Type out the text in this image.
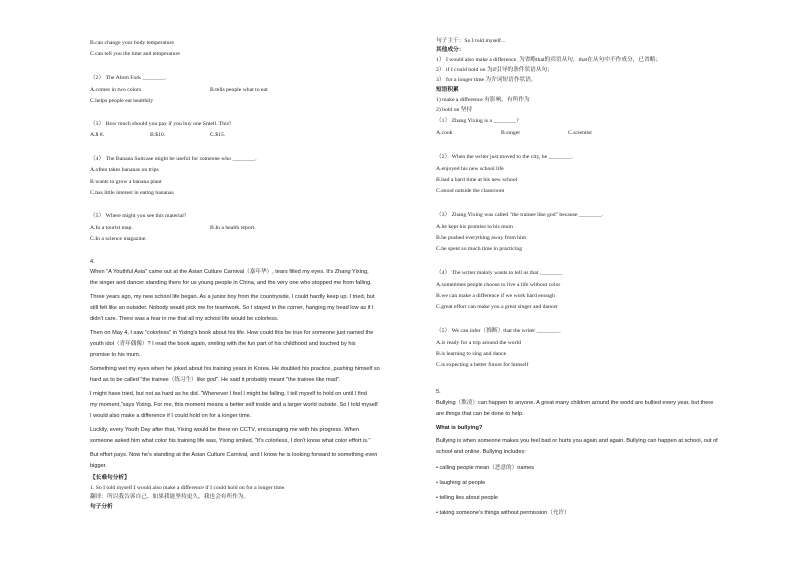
B.can change your body temperature
C.can tell you the time and temperature
（2） The Abrm Fork ________.
A.comes in two colors	B.tells people what to eat
C.helps people eat healthily
（3） How much should you pay if you buy one Smell. This?
A.$ 8.	B.$10.	C.$15.
（4） The Banana Suitcase might be useful for someone who ________.
A.often takes bananas on trips
B.wants to grow a banana plant
C.has little interest in eating bananas
（5） Where might you see this material?
A.In a tourist map.	B.In a health report.
C.In a science magazine.
4.
When "A Youthful Asia" came out at the Asian Culture Carnival（嘉年华）, tears filled my eyes. It's Zhang Yixing,
the singer and dancer standing there for us young people in China, and the very one who stopped me from falling.
Three years ago, my new school life began. As a junior boy from the countryside, I could hardly keep up. I tried, but
still felt like an outsider. Nobody would pick me for teamwork. So I stayed in the corner, hanging my head low as if I
didn't care. There was a fear in me that all my school life would be colorless.
Then on May 4, I saw "colorless" in Yixing's book about his life. How could this be true for someone just named the
youth idol（青年偶像）? I read the book again, smiling with the fun part of his childhood and touched by his
promise to his mum.
Something wet my eyes when he joked about his training years in Korea. He doubled his practice, pushing himself so
hard as to be called "the trainee（练习生）like god". He said it probably meant "the trainee like mad".
I might have tried, but not as hard as he did. "Whenever I feel I might be falling, I tell myself to hold on until I find
my moment,"says Yixing. For me, this moment means a better self inside and a larger world outside. So I told myself
I would also make a difference if I could hold on for a longer time.
Luckily, every Youth Day after that, Yixing would be there on CCTV, encouraging me with his progress. When
someone asked him what color his training life was, Yixing smiled, "It's colorless, I don't know what color effort is."
But effort pays. Now he's standing at the Asian Culture Carnival, and I know he is looking forward to something even
bigger.
【长难句分析】
1. So I told myself I would also make a difference if I could hold on for a longer time.
翻译：所以我告诉自己，如果我能坚持更久，我也会有所作为。
句子分析
句子主干：So I told myself...
其他成分：
1） I would also make a difference. 为省略that的宾语从句，that在从句中不作成分，已省略；
2） if I could hold on 为if引导的条件状语从句；
3） for a longer time 为介词短语作状语。
短语积累
1) make a difference 有影响，有所作为
2) hold on 坚持
（1） Zhang Yixing is a ________?
A.cook	B.singer	C.scientist
（2） When the writer just moved to the city, he ________.
A.enjoyed his new school life
B.had a hard time at his new school
C.stood outside the classroom
（3） Zhang Yixing was called "the trainee like god" because ________.
A.he kept his promise to his mum
B.he pushed everything away from him
C.he spent so much time in practicing
（4） The writer mainly wants to tell us that ________
A.sometimes people choose to live a life without color
B.we can make a difference if we work hard enough
C.great effort can make you a great singer and dancer
（5） We can infer（推断）that the writer ________.
A.is ready for a trip around the world
B.is learning to sing and dance
C.is expecting a better future for himself
5.
Bullying（欺凌）can happen to anyone. A great many children around the world are bullied every year, but there
are things that can be done to help.
What is bullying?
Bullying is when someone makes you feel bad or hurts you again and again. Bullying can happen at school, out of
school and online. Bullying includes:
• calling people mean（恶意的）names
• laughing at people
• telling lies about people
• taking someone's things without permission（允许）
